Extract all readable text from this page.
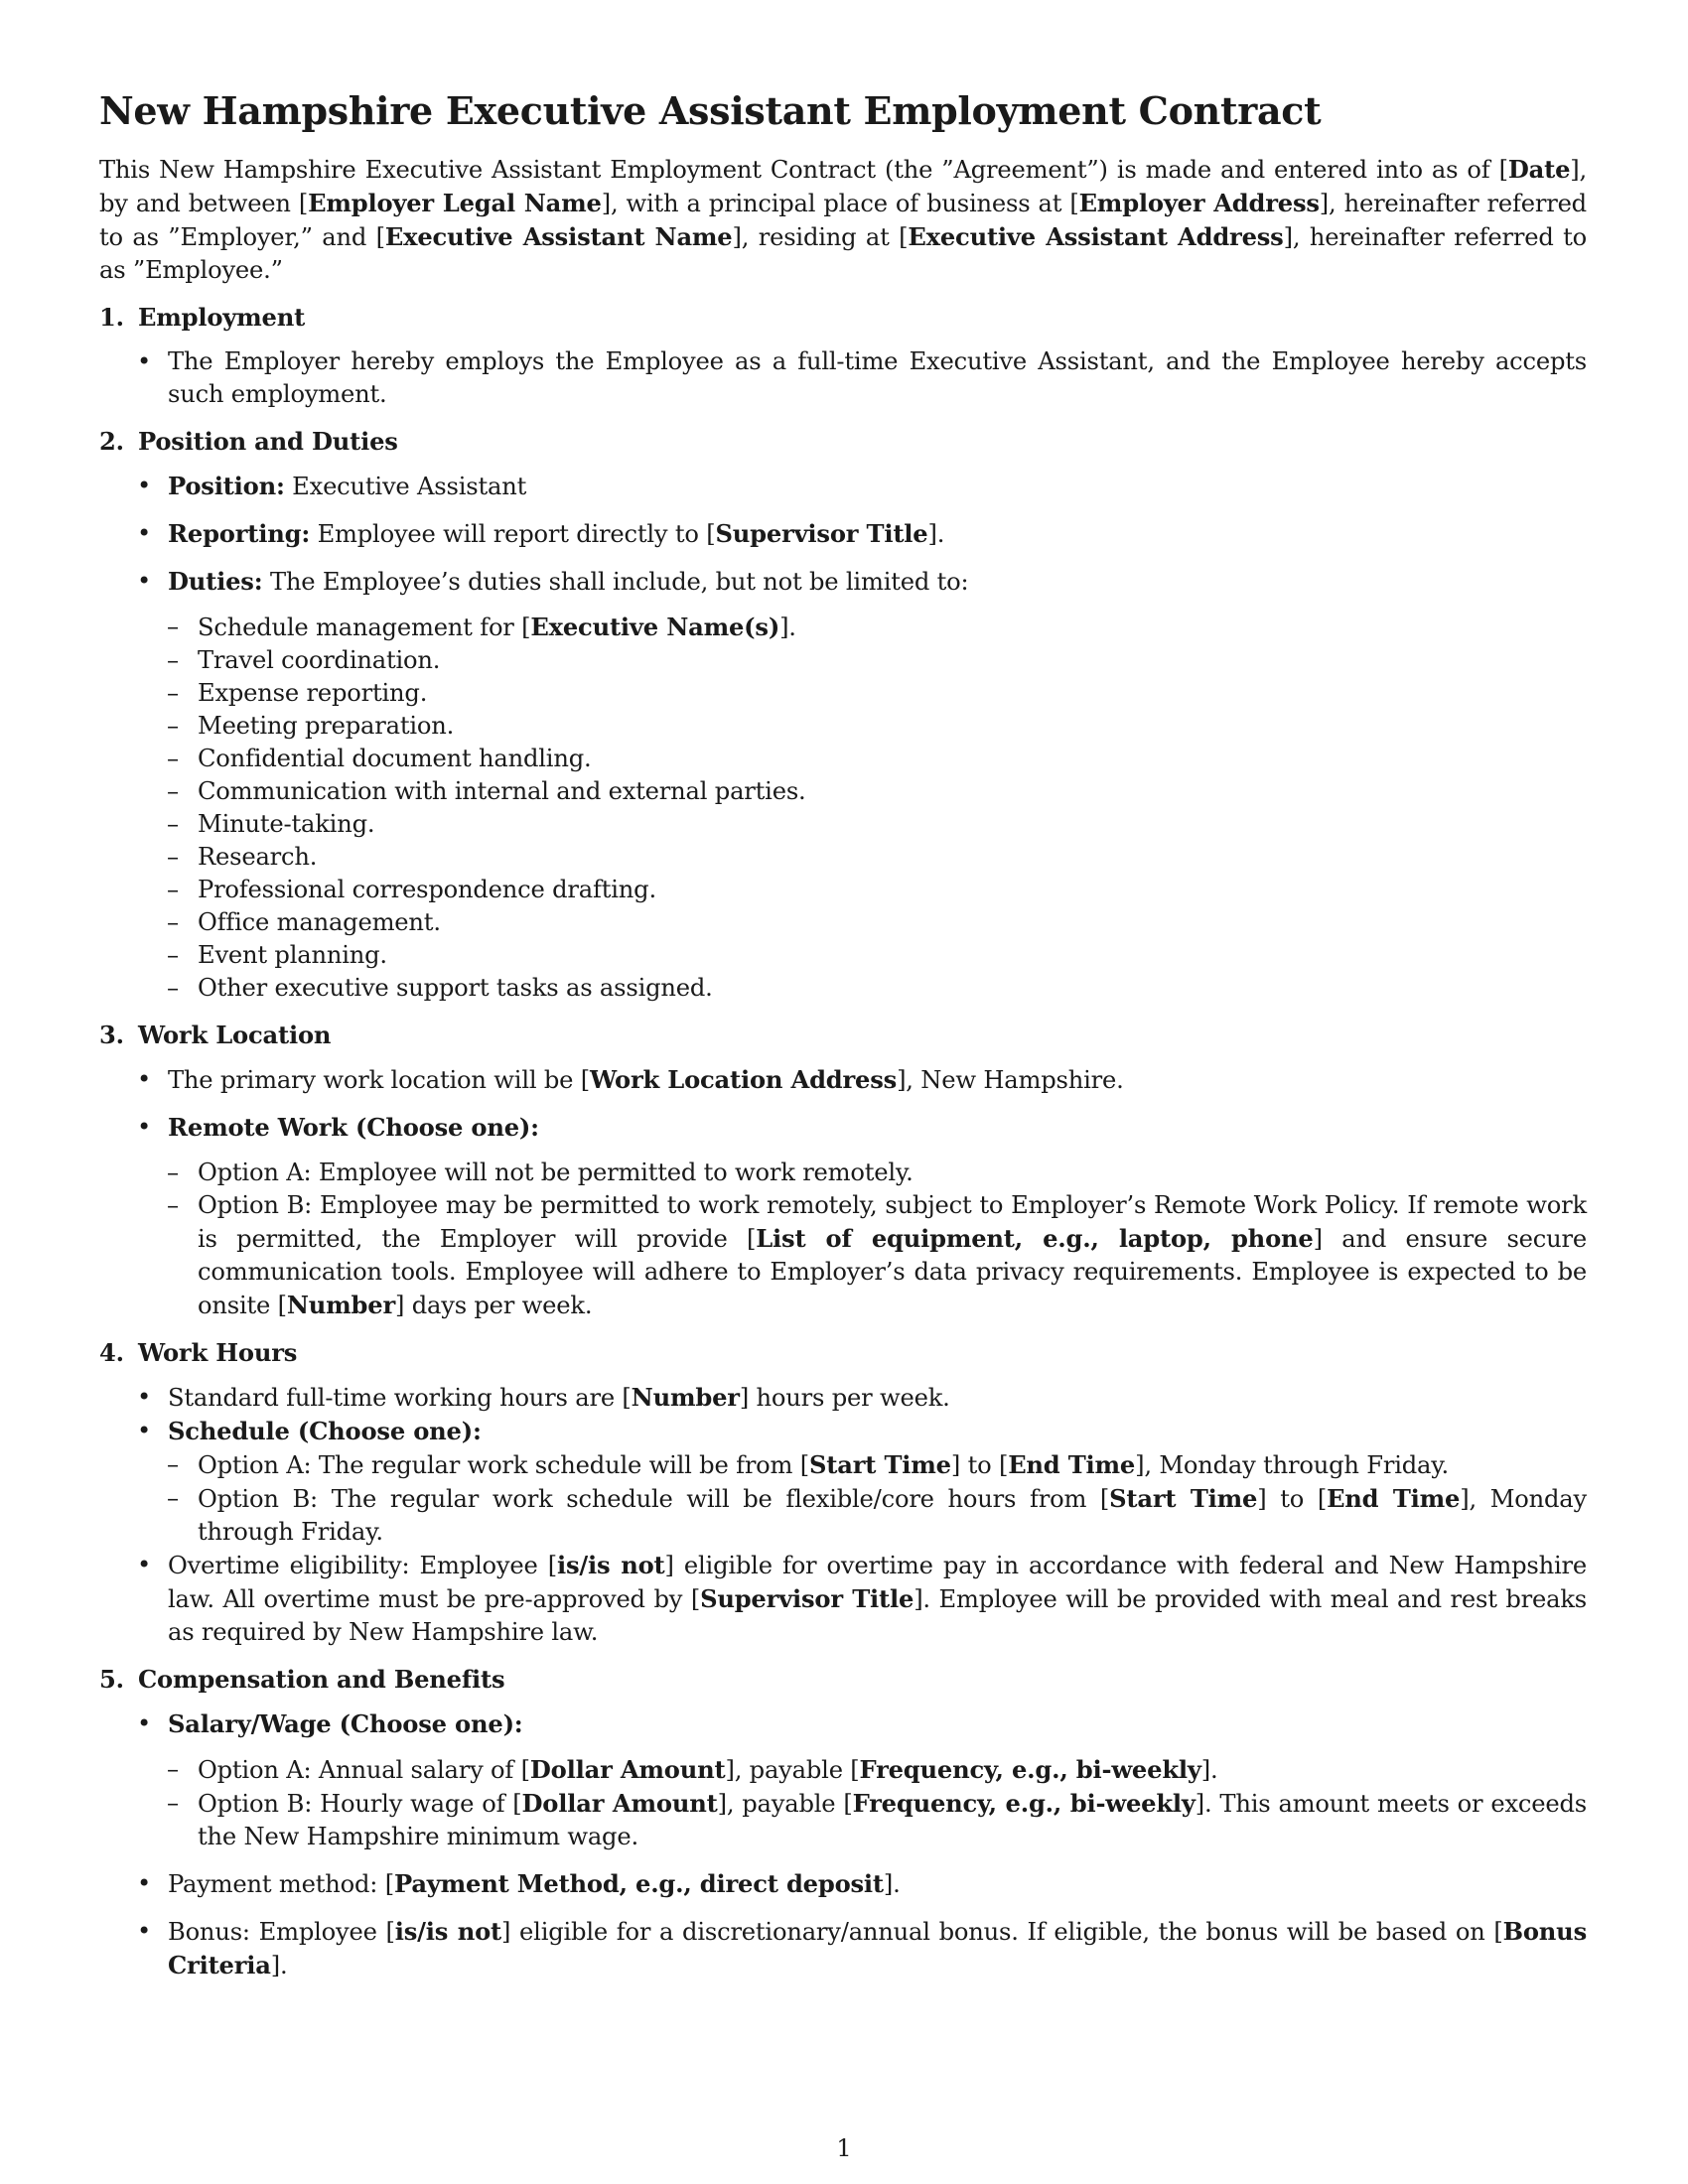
New Hampshire Executive Assistant Employment Contract
This New Hampshire Executive Assistant Employment Contract (the ”Agreement”) is made and entered into as of [Date], by and between [Employer Legal Name], with a principal place of business at [Employer Address], hereinafter referred to as ”Employer,” and [Executive Assistant Name], residing at [Executive Assistant Address], hereinafter referred to as ”Employee.”
1. Employment
• The Employer hereby employs the Employee as a full-time Executive Assistant, and the Employee hereby accepts such employment.
2. Position and Duties
• Position: Executive Assistant
• Reporting: Employee will report directly to [Supervisor Title].
• Duties: The Employee’s duties shall include, but not be limited to:
– Schedule management for [Executive Name(s)].
– Travel coordination.
– Expense reporting.
– Meeting preparation.
– Confidential document handling.
– Communication with internal and external parties.
– Minute-taking.
– Research.
– Professional correspondence drafting.
– Office management.
– Event planning.
– Other executive support tasks as assigned.
3. Work Location
• The primary work location will be [Work Location Address], New Hampshire.
• Remote Work (Choose one):
– Option A: Employee will not be permitted to work remotely.
– Option B: Employee may be permitted to work remotely, subject to Employer’s Remote Work Policy. If remote work is permitted, the Employer will provide [List of equipment, e.g., laptop, phone] and ensure secure communication tools. Employee will adhere to Employer’s data privacy requirements. Employee is expected to be onsite [Number] days per week.
4. Work Hours
• Standard full-time working hours are [Number] hours per week.
• Schedule (Choose one):
– Option A: The regular work schedule will be from [Start Time] to [End Time], Monday through Friday.
– Option B: The regular work schedule will be flexible/core hours from [Start Time] to [End Time], Monday through Friday.
• Overtime eligibility: Employee [is/is not] eligible for overtime pay in accordance with federal and New Hampshire law. All overtime must be pre-approved by [Supervisor Title]. Employee will be provided with meal and rest breaks as required by New Hampshire law.
5. Compensation and Benefits
• Salary/Wage (Choose one):
– Option A: Annual salary of [Dollar Amount], payable [Frequency, e.g., bi-weekly].
– Option B: Hourly wage of [Dollar Amount], payable [Frequency, e.g., bi-weekly]. This amount meets or exceeds the New Hampshire minimum wage.
• Payment method: [Payment Method, e.g., direct deposit].
• Bonus: Employee [is/is not] eligible for a discretionary/annual bonus. If eligible, the bonus will be based on [Bonus Criteria].
1
